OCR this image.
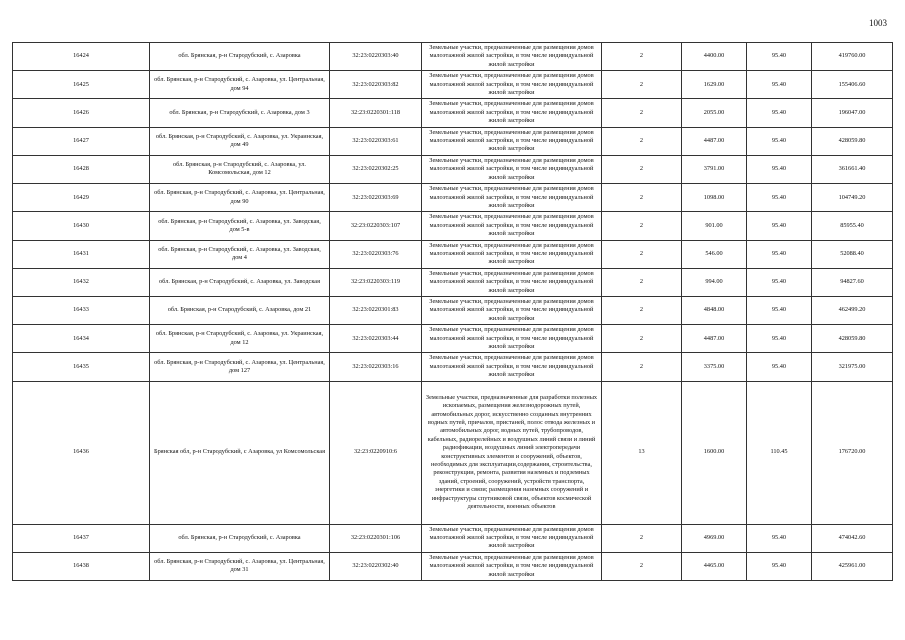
1003
16424	обл. Брянская, р-н Стародубский, с. Азаровка	32:23:0220303:40	Земельные участки, предназначенные для размещения домов малоэтажной жилой застройки, в том числе индивидуальной жилой застройки	2	4400.00	95.40	419760.00
16425	обл. Брянская, р-н Стародубский, с. Азаровка, ул. Центральная, дом 94	32:23:0220303:82	Земельные участки, предназначенные для размещения домов малоэтажной жилой застройки, в том числе индивидуальной жилой застройки	2	1629.00	95.40	155406.60
16426	обл. Брянская, р-н Стародубский, с. Азаровка, дом 3	32:23:0220301:118	Земельные участки, предназначенные для размещения домов малоэтажной жилой застройки, в том числе индивидуальной жилой застройки	2	2055.00	95.40	196047.00
16427	обл. Брянская, р-н Стародубский, с. Азаровка, ул. Украинская, дом 49	32:23:0220303:61	Земельные участки, предназначенные для размещения домов малоэтажной жилой застройки, в том числе индивидуальной жилой застройки	2	4487.00	95.40	428059.80
16428	обл. Брянская, р-н Стародубский, с. Азаровка, ул. Комсомольская, дом 12	32:23:0220302:25	Земельные участки, предназначенные для размещения домов малоэтажной жилой застройки, в том числе индивидуальной жилой застройки	2	3791.00	95.40	361661.40
16429	обл. Брянская, р-н Стародубский, с. Азаровка, ул. Центральная, дом 90	32:23:0220303:69	Земельные участки, предназначенные для размещения домов малоэтажной жилой застройки, в том числе индивидуальной жилой застройки	2	1098.00	95.40	104749.20
16430	обл. Брянская, р-н Стародубский, с. Азаровка, ул. Заводская, дом 5-в	32:23:0220303:107	Земельные участки, предназначенные для размещения домов малоэтажной жилой застройки, в том числе индивидуальной жилой застройки	2	901.00	95.40	85955.40
16431	обл. Брянская, р-н Стародубский, с. Азаровка, ул. Заводская, дом 4	32:23:0220303:76	Земельные участки, предназначенные для размещения домов малоэтажной жилой застройки, в том числе индивидуальной жилой застройки	2	546.00	95.40	52088.40
16432	обл. Брянская, р-н Стародубский, с. Азаровка, ул. Заводская	32:23:0220303:119	Земельные участки, предназначенные для размещения домов малоэтажной жилой застройки, в том числе индивидуальной жилой застройки	2	994.00	95.40	94827.60
16433	обл. Брянская, р-н Стародубский, с. Азаровка, дом 21	32:23:0220301:83	Земельные участки, предназначенные для размещения домов малоэтажной жилой застройки, в том числе индивидуальной жилой застройки	2	4848.00	95.40	462499.20
16434	обл. Брянская, р-н Стародубский, с. Азаровка, ул. Украинская, дом 12	32:23:0220303:44	Земельные участки, предназначенные для размещения домов малоэтажной жилой застройки, в том числе индивидуальной жилой застройки	2	4487.00	95.40	428059.80
16435	обл. Брянская, р-н Стародубский, с. Азаровка, ул. Центральная, дом 127	32:23:0220303:16	Земельные участки, предназначенные для размещения домов малоэтажной жилой застройки, в том числе индивидуальной жилой застройки	2	3375.00	95.40	321975.00
16436	Брянская обл, р-н Стародубский, с Азаровка, ул Комсомольская	32:23:0220910:6	Земельные участки, предназначенные для разработки полезных ископаемых, размещения железнодорожных путей, автомобильных дорог, искусственно созданных внутренних водных путей, причалов, пристаней, полос отвода железных и автомобильных дорог, водных путей, трубопроводов, кабельных, радиорелейных и воздушных линий связи и линий радиофикации, воздушных линий электропередачи конструктивных элементов и сооружений, объектов, необходимых для эксплуатации,содержания, строительства, реконструкции, ремонта, развития наземных и подземных зданий, строений, сооружений, устройств транспорта, энергетики и связи; размещения наземных сооружений и инфраструктуры спутниковой связи, объектов космической деятельности, военных объектов	13	1600.00	110.45	176720.00
16437	обл. Брянская, р-н Стародубский, с. Азаровка	32:23:0220301:106	Земельные участки, предназначенные для размещения домов малоэтажной жилой застройки, в том числе индивидуальной жилой застройки	2	4969.00	95.40	474042.60
16438	обл. Брянская, р-н Стародубский, с. Азаровка, ул. Центральная, дом 31	32:23:0220302:40	Земельные участки, предназначенные для размещения домов малоэтажной жилой застройки, в том числе индивидуальной жилой застройки	2	4465.00	95.40	425961.00
